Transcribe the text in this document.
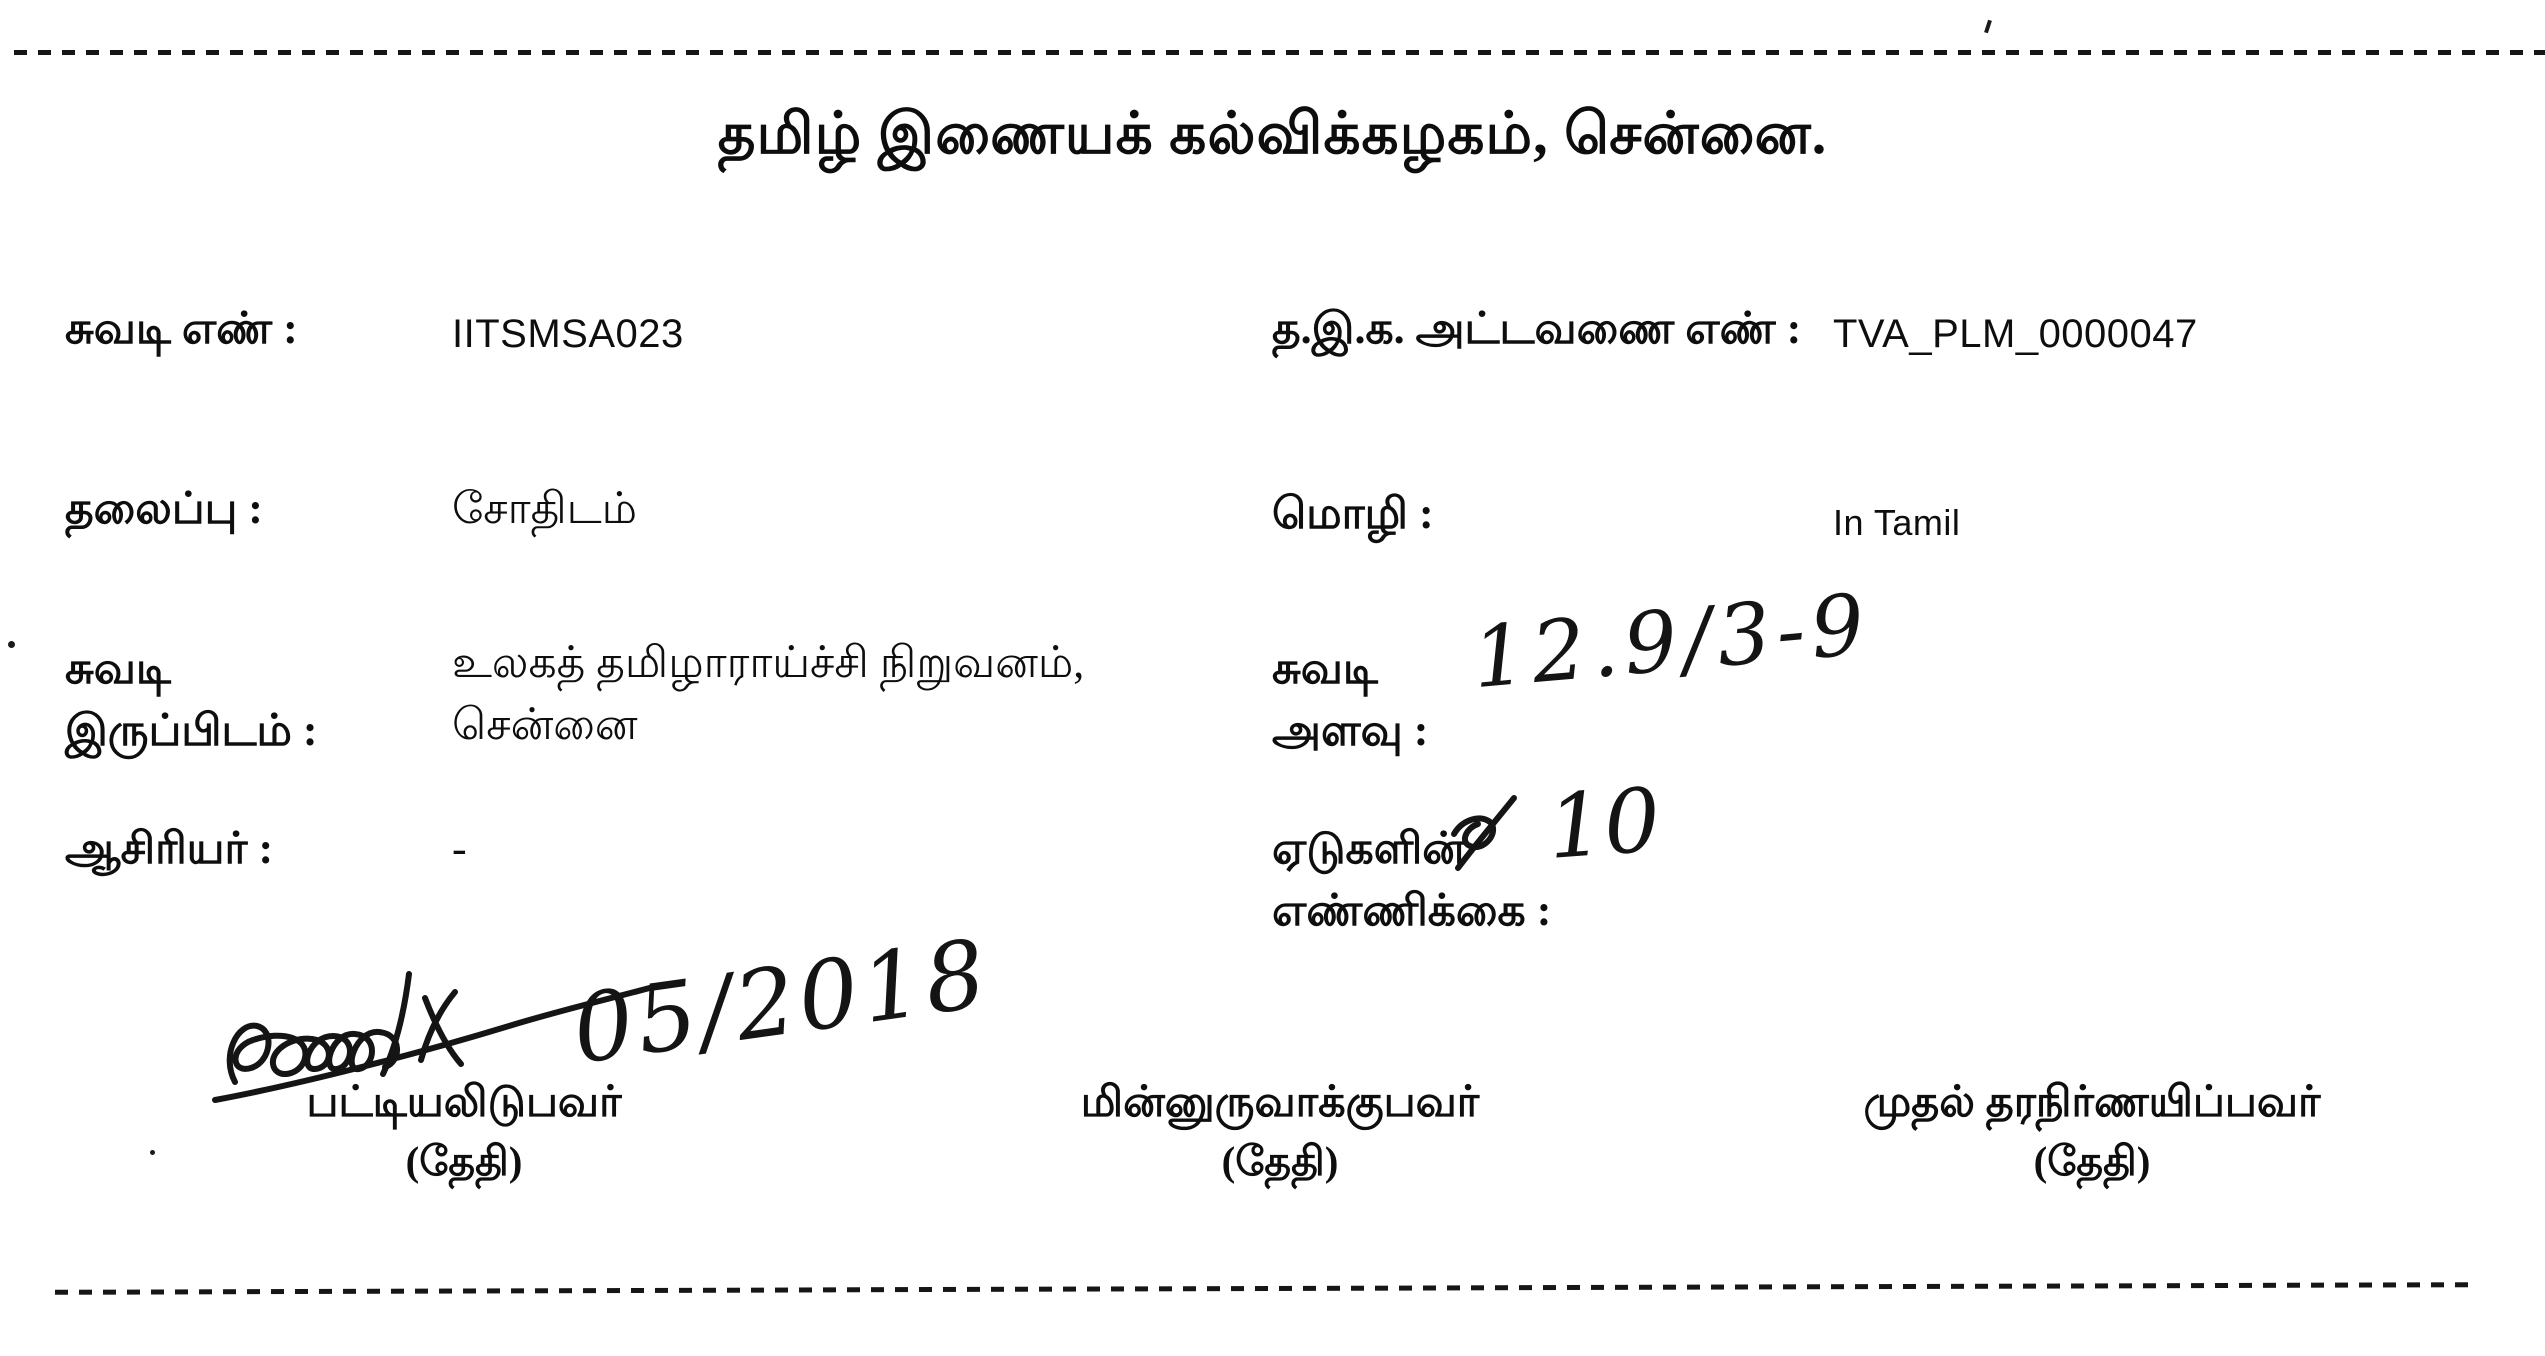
தமிழ் இணையக் கல்விக்கழகம், சென்னை.
சுவடி எண் :	IITSMSA023	த.இ.க. அட்டவணை எண் : TVA_PLM_0000047
தலைப்பு :	சோதிடம்	மொழி :	In Tamil
சுவடி இருப்பிடம் :
உலகத் தமிழாராய்ச்சி நிறுவனம், சென்னை
சுவடி அளவு :
12.9/3-9
ஆசிரியர் :	-	ஏடுகளின் எண்ணிக்கை :
10
05/2018
பட்டியலிடுபவர்
(தேதி)
மின்னுருவாக்குபவர்
(தேதி)
முதல் தரநிர்ணயிப்பவர்
(தேதி)
